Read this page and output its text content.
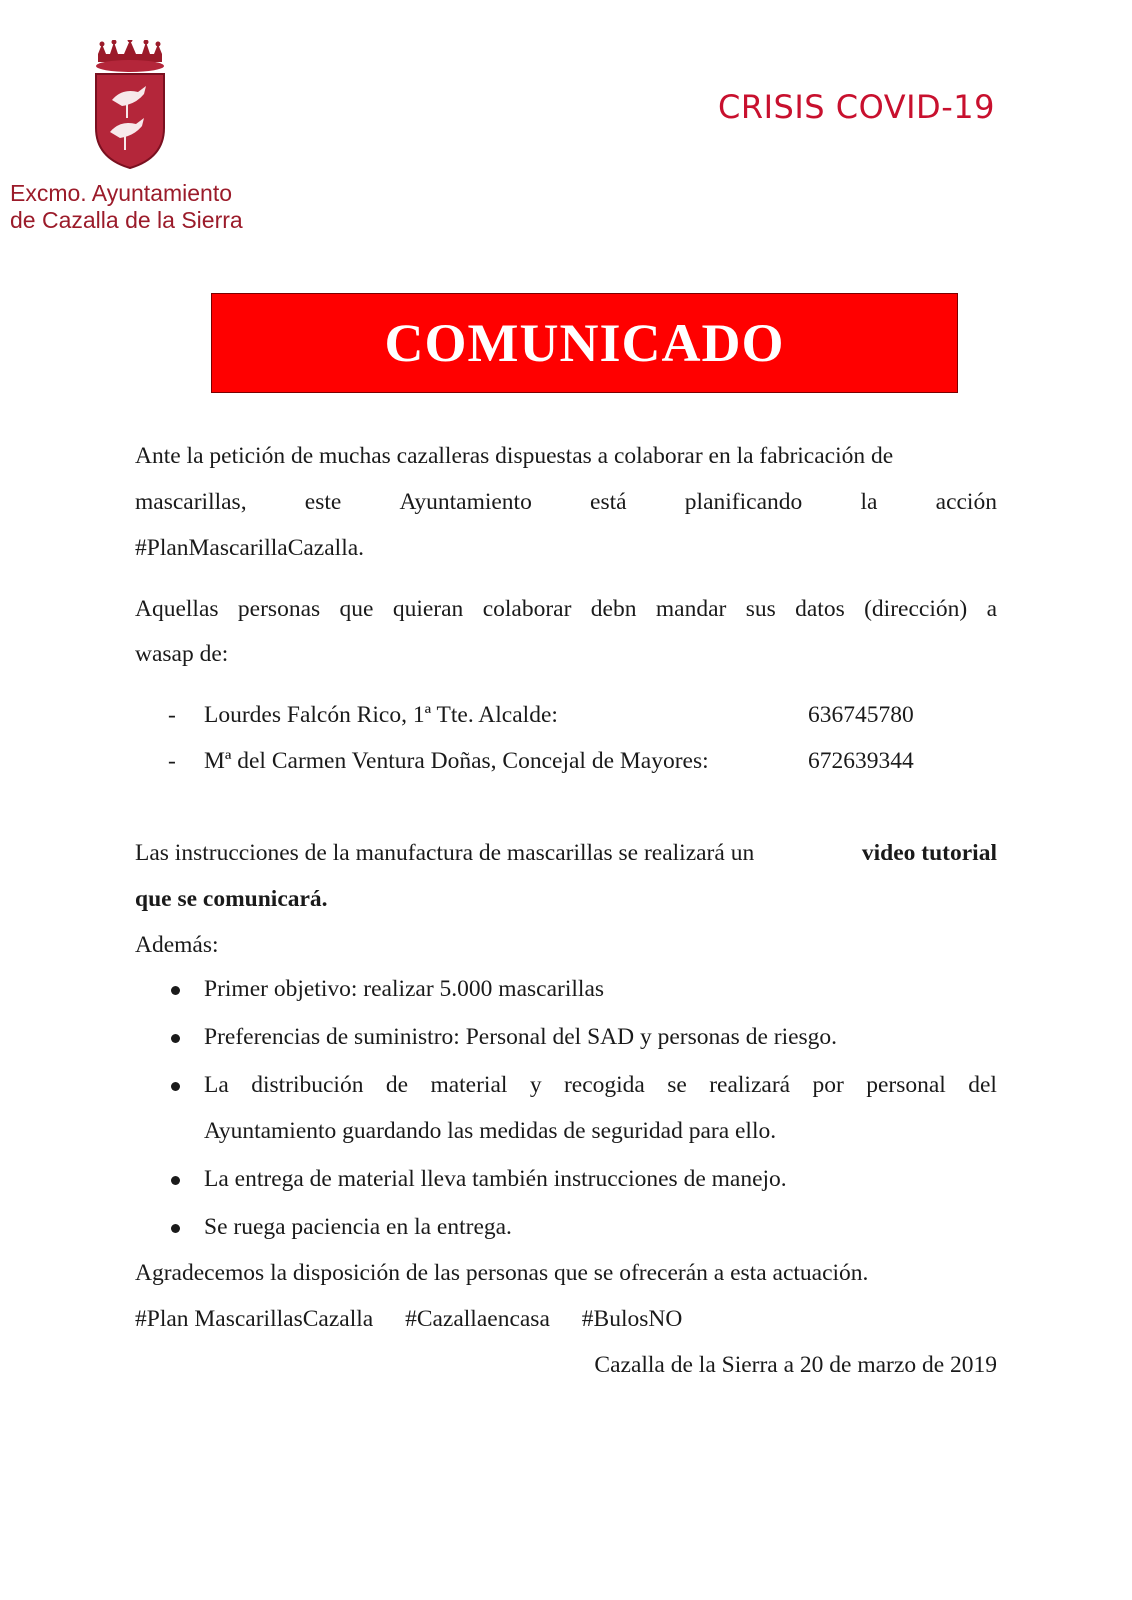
Excmo. Ayuntamiento
de Cazalla de la Sierra
CRISIS COVID-19
COMUNICADO
Ante la petición de muchas cazalleras dispuestas a colaborar en la fabricación de
mascarillas, este Ayuntamiento está planificando la acción
#PlanMascarillaCazalla.
Aquellas personas que quieran colaborar debn mandar sus datos (dirección) a
wasap de:
- Lourdes Falcón Rico, 1ª Tte. Alcalde:	636745780
- Mª del Carmen Ventura Doñas, Concejal de Mayores:	672639344
Las instrucciones de la manufactura de mascarillas se realizará un	video tutorial
que se comunicará.
Además:
Primer objetivo: realizar 5.000 mascarillas
Preferencias de suministro: Personal del SAD y personas de riesgo.
La distribución de material y recogida se realizará por personal del
Ayuntamiento guardando las medidas de seguridad para ello.
La entrega de material lleva también instrucciones de manejo.
Se ruega paciencia en la entrega.
Agradecemos la disposición de las personas que se ofrecerán a esta actuación.
#Plan MascarillasCazalla #Cazallaencasa #BulosNO
Cazalla de la Sierra a 20 de marzo de 2019
